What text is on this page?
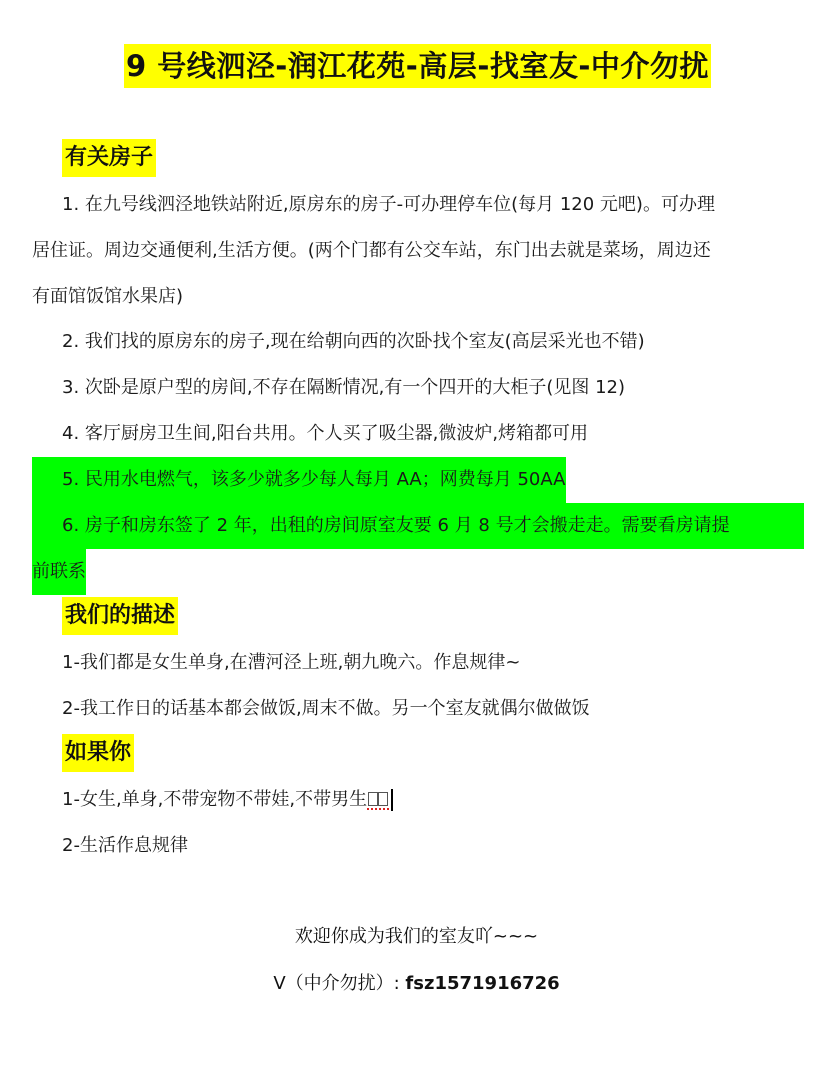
9 号线泗泾-润江花苑-高层-找室友-中介勿扰
有关房子
1. 在九号线泗泾地铁站附近,原房东的房子-可办理停车位(每月 120 元吧)。可办理
居住证。周边交通便利,生活方便。(两个门都有公交车站，东门出去就是菜场，周边还
有面馆饭馆水果店)
2. 我们找的原房东的房子,现在给朝向西的次卧找个室友(高层采光也不错)
3. 次卧是原户型的房间,不存在隔断情况,有一个四开的大柜子(见图 12)
4. 客厅厨房卫生间,阳台共用。个人买了吸尘器,微波炉,烤箱都可用
5. 民用水电燃气，该多少就多少每人每月 AA；网费每月 50AA
6. 房子和房东签了 2 年，出租的房间原室友要 6 月 8 号才会搬走走。需要看房请提
前联系
我们的描述
1-我们都是女生单身,在漕河泾上班,朝九晚六。作息规律~
2-我工作日的话基本都会做饭,周末不做。另一个室友就偶尔做做饭
如果你
1-女生,单身,不带宠物不带娃,不带男生
2-生活作息规律
欢迎你成为我们的室友吖~~~
V（中介勿扰）: fsz1571916726
